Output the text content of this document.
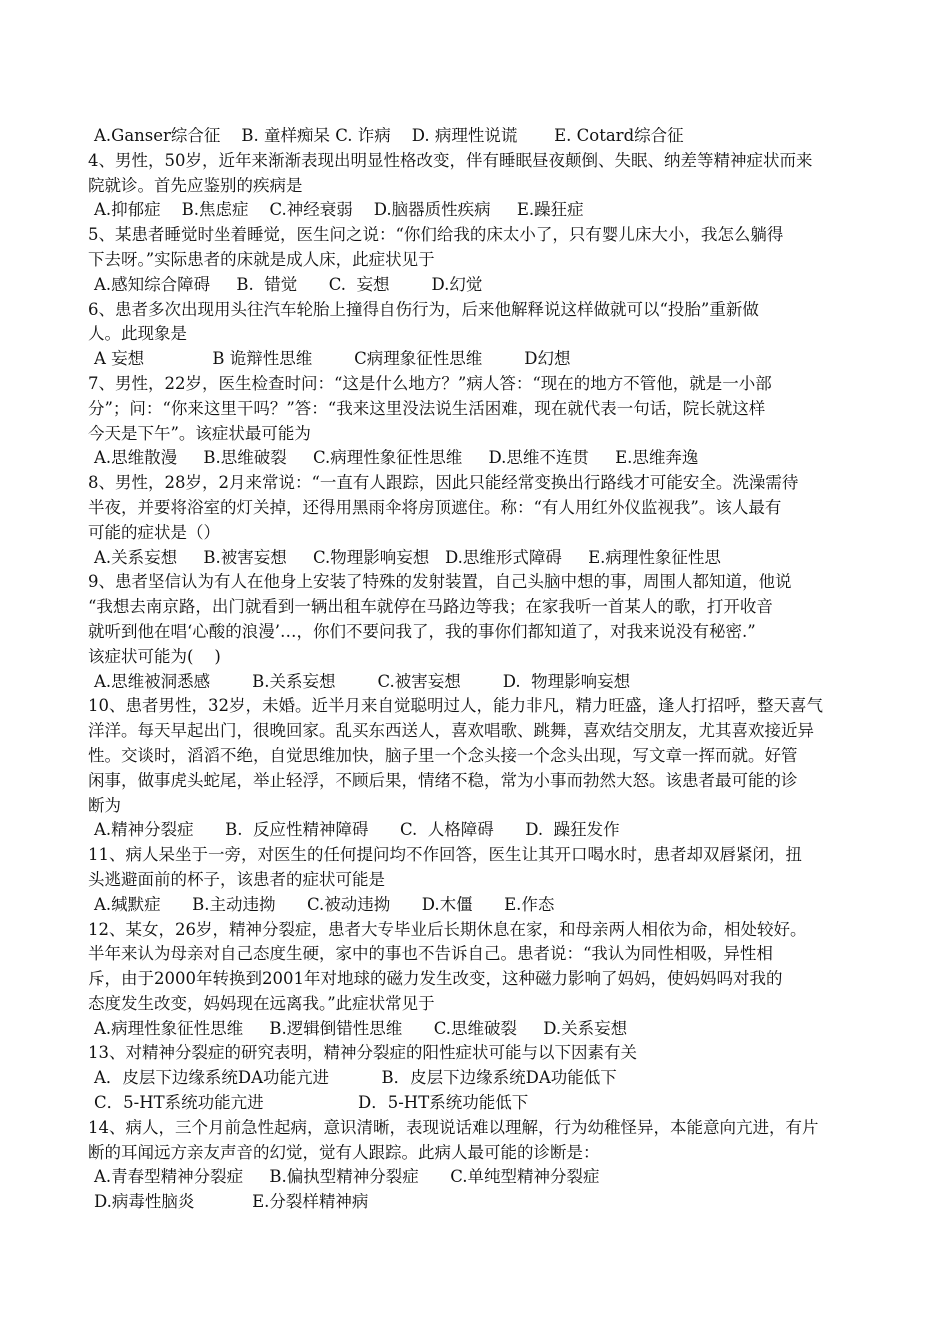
A.Ganser综合征    B. 童样痴呆 C. 诈病    D. 病理性说谎       E. Cotard综合征
4、男性，50岁，近年来渐渐表现出明显性格改变，伴有睡眠昼夜颠倒、失眠、纳差等精神症状而来
院就诊。首先应鉴别的疾病是
A.抑郁症    B.焦虑症    C.神经衰弱    D.脑器质性疾病     E.躁狂症
5、某患者睡觉时坐着睡觉，医生问之说：“你们给我的床太小了，只有婴儿床大小，我怎么躺得
下去呀。”实际患者的床就是成人床，此症状见于
A.感知综合障碍     B.  错觉      C.  妄想        D.幻觉
6、患者多次出现用头往汽车轮胎上撞得自伤行为，后来他解释说这样做就可以“投胎”重新做
人。此现象是
A 妄想             B 诡辩性思维        C病理象征性思维        D幻想
7、男性，22岁，医生检查时问：“这是什么地方？”病人答：“现在的地方不管他，就是一小部
分”；问：“你来这里干吗？”答：“我来这里没法说生活困难，现在就代表一句话，院长就这样
今天是下午”。该症状最可能为
A.思维散漫     B.思维破裂     C.病理性象征性思维     D.思维不连贯     E.思维奔逸
8、男性，28岁，2月来常说：“一直有人跟踪，因此只能经常变换出行路线才可能安全。洗澡需待
半夜，并要将浴室的灯关掉，还得用黑雨伞将房顶遮住。称：“有人用红外仪监视我”。该人最有
可能的症状是（）
A.关系妄想     B.被害妄想     C.物理影响妄想   D.思维形式障碍     E.病理性象征性思
9、患者坚信认为有人在他身上安装了特殊的发射装置，自己头脑中想的事，周围人都知道，他说
“我想去南京路，出门就看到一辆出租车就停在马路边等我；在家我听一首某人的歌，打开收音
就听到他在唱‘心酸的浪漫’…，你们不要问我了，我的事你们都知道了，对我来说没有秘密.”
该症状可能为(    )
A.思维被洞悉感        B.关系妄想        C.被害妄想        D.  物理影响妄想
10、患者男性，32岁，未婚。近半月来自觉聪明过人，能力非凡，精力旺盛，逢人打招呼，整天喜气
洋洋。每天早起出门，很晚回家。乱买东西送人，喜欢唱歌、跳舞，喜欢结交朋友，尤其喜欢接近异
性。交谈时，滔滔不绝，自觉思维加快，脑子里一个念头接一个念头出现，写文章一挥而就。好管
闲事，做事虎头蛇尾，举止轻浮，不顾后果，情绪不稳，常为小事而勃然大怒。该患者最可能的诊
断为
A.精神分裂症      B.  反应性精神障碍      C.  人格障碍      D.  躁狂发作
11、病人呆坐于一旁，对医生的任何提问均不作回答，医生让其开口喝水时，患者却双唇紧闭，扭
头逃避面前的杯子，该患者的症状可能是
A.缄默症      B.主动违拗      C.被动违拗      D.木僵      E.作态
12、某女，26岁，精神分裂症，患者大专毕业后长期休息在家，和母亲两人相依为命，相处较好。
半年来认为母亲对自己态度生硬，家中的事也不告诉自己。患者说：“我认为同性相吸，异性相
斥，由于2000年转换到2001年对地球的磁力发生改变，这种磁力影响了妈妈，使妈妈吗对我的
态度发生改变，妈妈现在远离我。”此症状常见于
A.病理性象征性思维     B.逻辑倒错性思维      C.思维破裂     D.关系妄想
13、对精神分裂症的研究表明，精神分裂症的阳性症状可能与以下因素有关
A．皮层下边缘系统DA功能亢进          B．皮层下边缘系统DA功能低下
C．5-HT系统功能亢进                  D．5-HT系统功能低下
14、病人，三个月前急性起病，意识清晰，表现说话难以理解，行为幼稚怪异，本能意向亢进，有片
断的耳闻远方亲友声音的幻觉，觉有人跟踪。此病人最可能的诊断是：
A.青春型精神分裂症     B.偏执型精神分裂症      C.单纯型精神分裂症
D.病毒性脑炎           E.分裂样精神病
